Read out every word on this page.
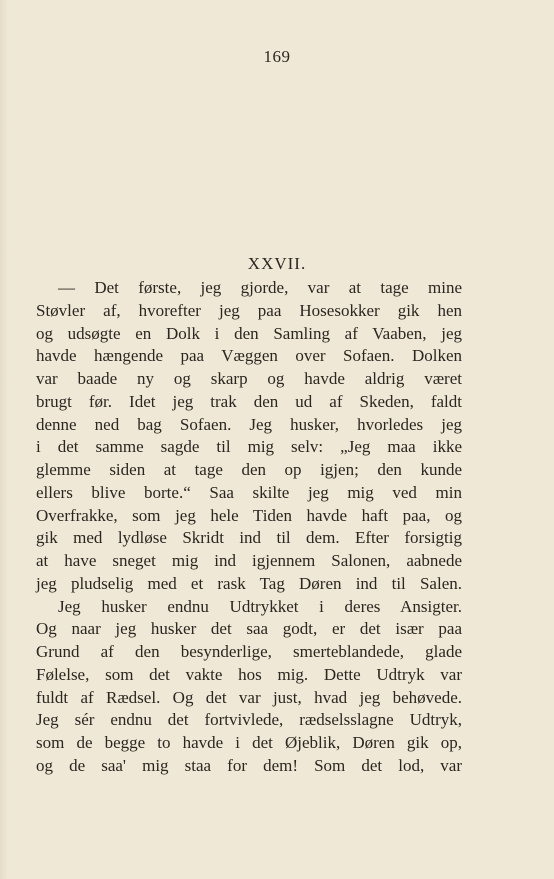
169
XXVII.
— Det første, jeg gjorde, var at tage mine
Støvler af, hvorefter jeg paa Hosesokker gik hen
og udsøgte en Dolk i den Samling af Vaaben, jeg
havde hængende paa Væggen over Sofaen. Dolken
var baade ny og skarp og havde aldrig været
brugt før. Idet jeg trak den ud af Skeden, faldt
denne ned bag Sofaen. Jeg husker, hvorledes jeg
i det samme sagde til mig selv: „Jeg maa ikke
glemme siden at tage den op igjen; den kunde
ellers blive borte.“ Saa skilte jeg mig ved min
Overfrakke, som jeg hele Tiden havde haft paa, og
gik med lydløse Skridt ind til dem. Efter forsigtig
at have sneget mig ind igjennem Salonen, aabnede
jeg pludselig med et rask Tag Døren ind til Salen.
Jeg husker endnu Udtrykket i deres Ansigter.
Og naar jeg husker det saa godt, er det især paa
Grund af den besynderlige, smerteblandede, glade
Følelse, som det vakte hos mig. Dette Udtryk var
fuldt af Rædsel. Og det var just, hvad jeg behøvede.
Jeg sér endnu det fortvivlede, rædselsslagne Udtryk,
som de begge to havde i det Øjeblik, Døren gik op,
og de saa' mig staa for dem! Som det lod, var
